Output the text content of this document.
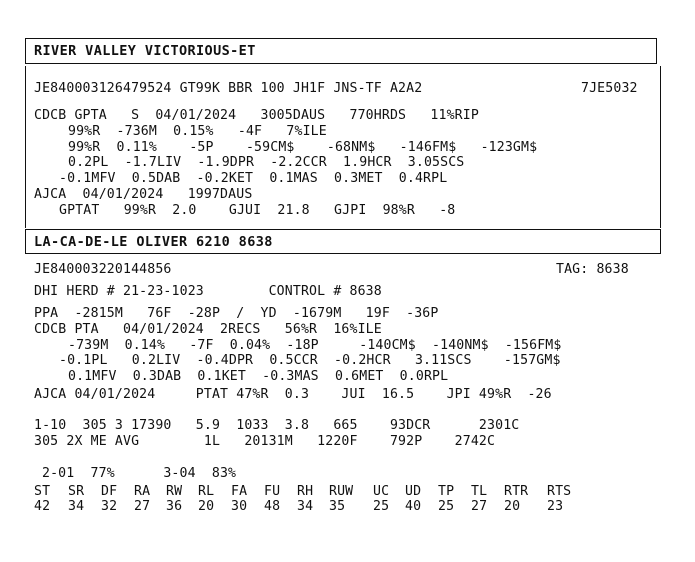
RIVER VALLEY VICTORIOUS-ET
JE840003126479524 GT99K BBR 100 JH1F JNS-TF A2A2	7JE5032
CDCB GPTA   S  04/01/2024   3005DAUS   770HRDS   11%RIP
99%R  -736M  0.15%   -4F   7%ILE
99%R  0.11%    -5P    -59CM$    -68NM$   -146FM$   -123GM$
0.2PL  -1.7LIV  -1.9DPR  -2.2CCR  1.9HCR  3.05SCS
-0.1MFV  0.5DAB  -0.2KET  0.1MAS  0.3MET  0.4RPL
AJCA  04/01/2024   1997DAUS
GPTAT   99%R  2.0    GJUI  21.8   GJPI  98%R   -8
LA-CA-DE-LE OLIVER 6210 8638
JE840003220144856	TAG: 8638
DHI HERD # 21-23-1023        CONTROL # 8638
PPA  -2815M   76F  -28P  /  YD  -1679M   19F  -36P
CDCB PTA   04/01/2024  2RECS   56%R  16%ILE
-739M  0.14%   -7F  0.04%  -18P     -140CM$  -140NM$  -156FM$
-0.1PL   0.2LIV  -0.4DPR  0.5CCR  -0.2HCR   3.11SCS    -157GM$
0.1MFV  0.3DAB  0.1KET  -0.3MAS  0.6MET  0.0RPL
AJCA 04/01/2024     PTAT 47%R  0.3    JUI  16.5    JPI 49%R  -26
1-10  305 3 17390   5.9  1033  3.8   665    93DCR      2301C
305 2X ME AVG        1L   20131M   1220F    792P    2742C
2-01  77%      3-04  83%
ST SR DF RA RW RL FA FU RH RUW UC UD TP TL RTR RTS
42 34 32 27 36 20 30 48 34 35 25 40 25 27 20 23
